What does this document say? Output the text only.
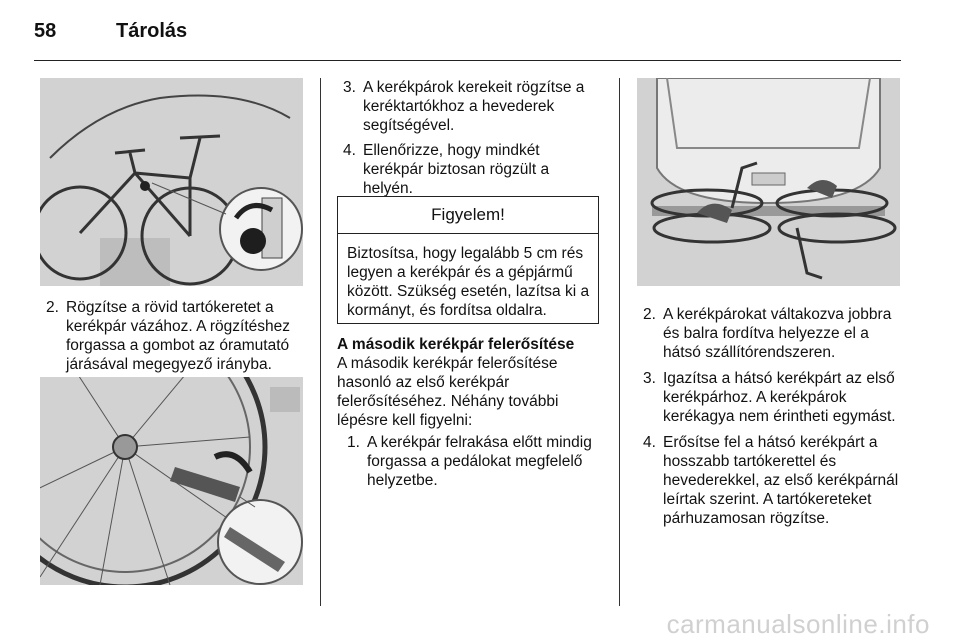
58	Tárolás
2. Rögzítse a rövid tartókeretet a kerékpár vázához. A rögzítéshez forgassa a gombot az óramutató járásával megegyező irányba.
3. A kerékpárok kerekeit rögzítse a keréktartókhoz a hevederek segítségével.
4. Ellenőrizze, hogy mindkét kerékpár biztosan rögzült a helyén.
Figyelem!
Biztosítsa, hogy legalább 5 cm rés legyen a kerékpár és a gépjármű között. Szükség esetén, lazítsa ki a kormányt, és fordítsa oldalra.
A második kerékpár felerősítése
A második kerékpár felerősítése hasonló az első kerékpár felerősítéséhez. Néhány további lépésre kell figyelni:
1. A kerékpár felrakása előtt mindig forgassa a pedálokat megfelelő helyzetbe.
2. A kerékpárokat váltakozva jobbra és balra fordítva helyezze el a hátsó szállítórendszeren.
3. Igazítsa a hátsó kerékpárt az első kerékpárhoz. A kerékpárok kerékagya nem érintheti egymást.
4. Erősítse fel a hátsó kerékpárt a hosszabb tartókerettel és hevederekkel, az első kerékpárnál leírtak szerint. A tartókereteket párhuzamosan rögzítse.
carmanualsonline.info
